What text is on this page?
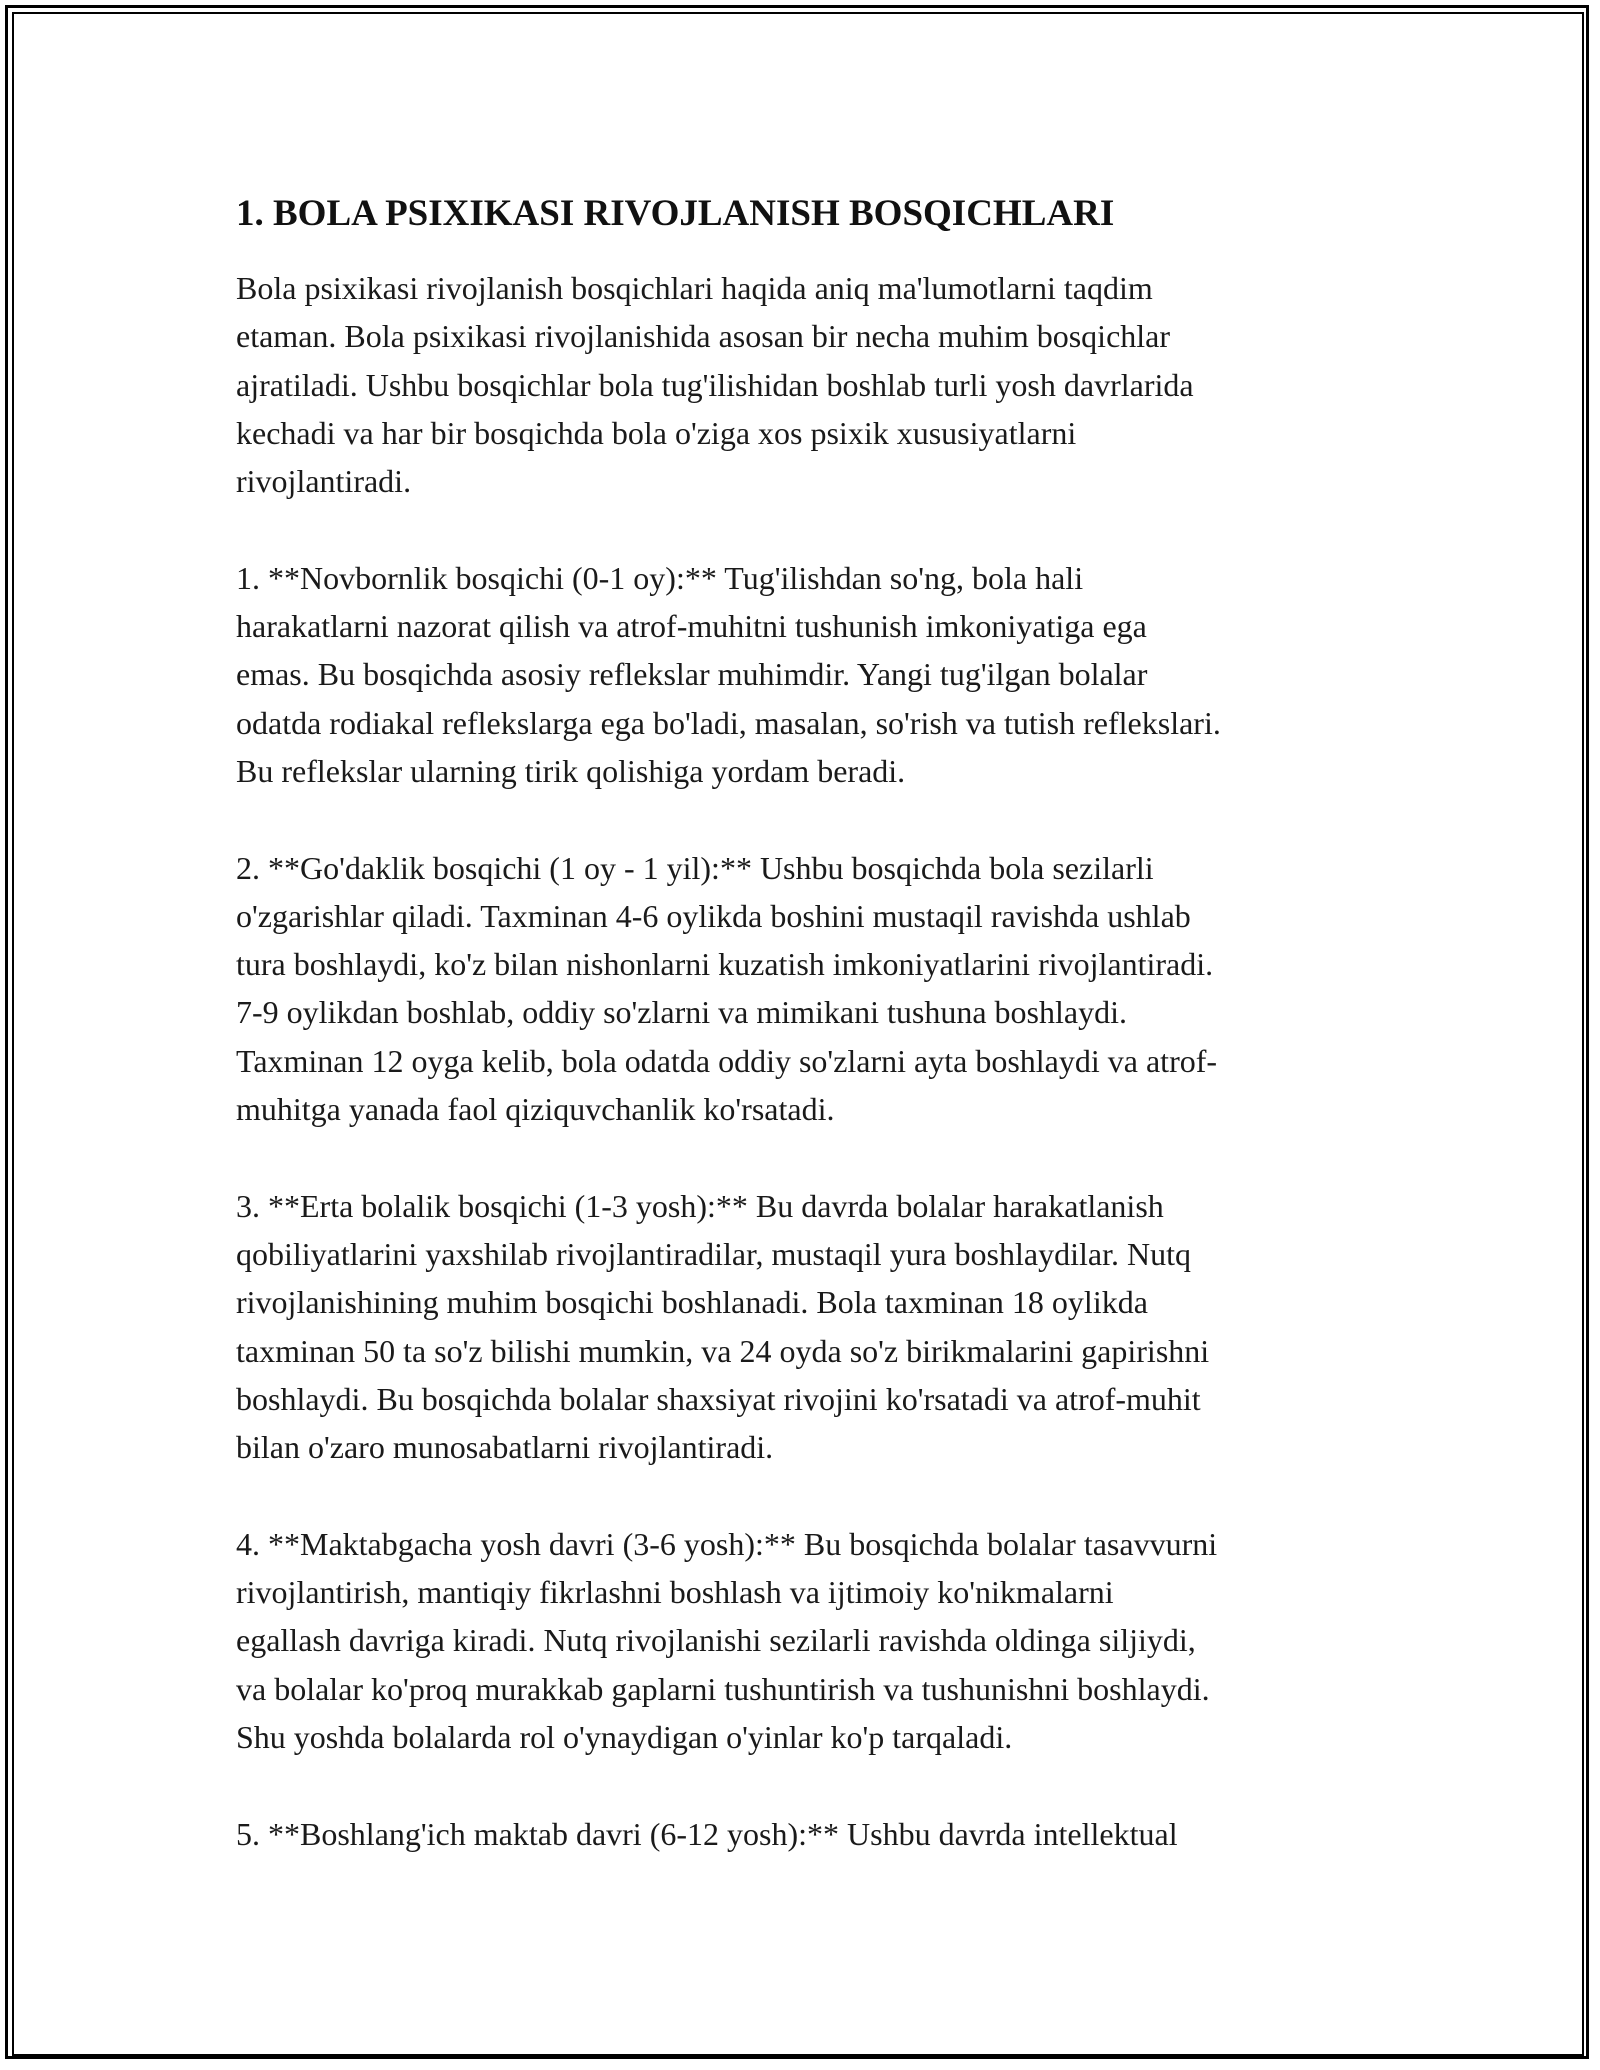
1. BOLA PSIXIKASI RIVOJLANISH BOSQICHLARI
Bola psixikasi rivojlanish bosqichlari haqida aniq ma'lumotlarni taqdim
etaman. Bola psixikasi rivojlanishida asosan bir necha muhim bosqichlar
ajratiladi. Ushbu bosqichlar bola tug'ilishidan boshlab turli yosh davrlarida
kechadi va har bir bosqichda bola o'ziga xos psixik xususiyatlarni
rivojlantiradi.
1. **Novbornlik bosqichi (0-1 oy):** Tug'ilishdan so'ng, bola hali
harakatlarni nazorat qilish va atrof-muhitni tushunish imkoniyatiga ega
emas. Bu bosqichda asosiy reflekslar muhimdir. Yangi tug'ilgan bolalar
odatda rodiakal reflekslarga ega bo'ladi, masalan, so'rish va tutish reflekslari.
Bu reflekslar ularning tirik qolishiga yordam beradi.
2. **Go'daklik bosqichi (1 oy - 1 yil):** Ushbu bosqichda bola sezilarli
o'zgarishlar qiladi. Taxminan 4-6 oylikda boshini mustaqil ravishda ushlab
tura boshlaydi, ko'z bilan nishonlarni kuzatish imkoniyatlarini rivojlantiradi.
7-9 oylikdan boshlab, oddiy so'zlarni va mimikani tushuna boshlaydi.
Taxminan 12 oyga kelib, bola odatda oddiy so'zlarni ayta boshlaydi va atrof-
muhitga yanada faol qiziquvchanlik ko'rsatadi.
3. **Erta bolalik bosqichi (1-3 yosh):** Bu davrda bolalar harakatlanish
qobiliyatlarini yaxshilab rivojlantiradilar, mustaqil yura boshlaydilar. Nutq
rivojlanishining muhim bosqichi boshlanadi. Bola taxminan 18 oylikda
taxminan 50 ta so'z bilishi mumkin, va 24 oyda so'z birikmalarini gapirishni
boshlaydi. Bu bosqichda bolalar shaxsiyat rivojini ko'rsatadi va atrof-muhit
bilan o'zaro munosabatlarni rivojlantiradi.
4. **Maktabgacha yosh davri (3-6 yosh):** Bu bosqichda bolalar tasavvurni
rivojlantirish, mantiqiy fikrlashni boshlash va ijtimoiy ko'nikmalarni
egallash davriga kiradi. Nutq rivojlanishi sezilarli ravishda oldinga siljiydi,
va bolalar ko'proq murakkab gaplarni tushuntirish va tushunishni boshlaydi.
Shu yoshda bolalarda rol o'ynaydigan o'yinlar ko'p tarqaladi.
5. **Boshlang'ich maktab davri (6-12 yosh):** Ushbu davrda intellektual
